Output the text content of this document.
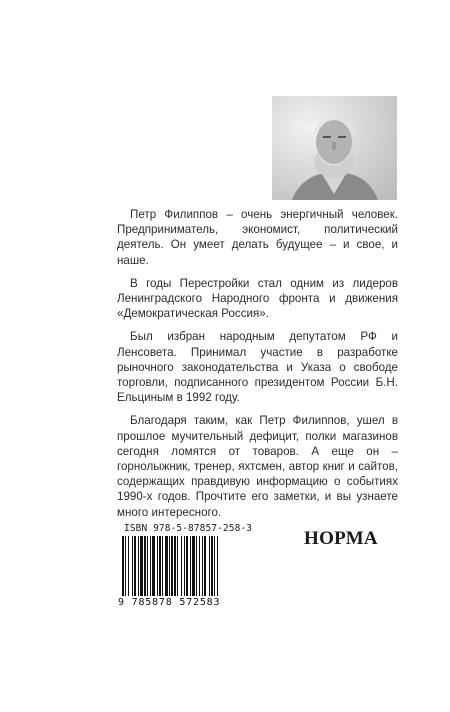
Петр Филиппов – очень энергичный человек. Предприниматель, экономист, политический деятель. Он умеет делать будущее – и свое, и наше.

В годы Перестройки стал одним из лидеров Ленинградского Народного фронта и движения «Демократическая Россия».

Был избран народным депутатом РФ и Ленсовета. Принимал участие в разработке рыночного законодательства и Указа о свободе торговли, подписанного президентом России Б.Н. Ельциным в 1992 году.

Благодаря таким, как Петр Филиппов, ушел в прошлое мучительный дефицит, полки магазинов сегодня ломятся от товаров. А еще он – горнолыжник, тренер, яхтсмен, автор книг и сайтов, содержащих правдивую информацию о событиях 1990-х годов. Прочтите его заметки, и вы узнаете много интересного.

ISBN 978-5-87857-258-3
9 785878 572583
НОРМА
